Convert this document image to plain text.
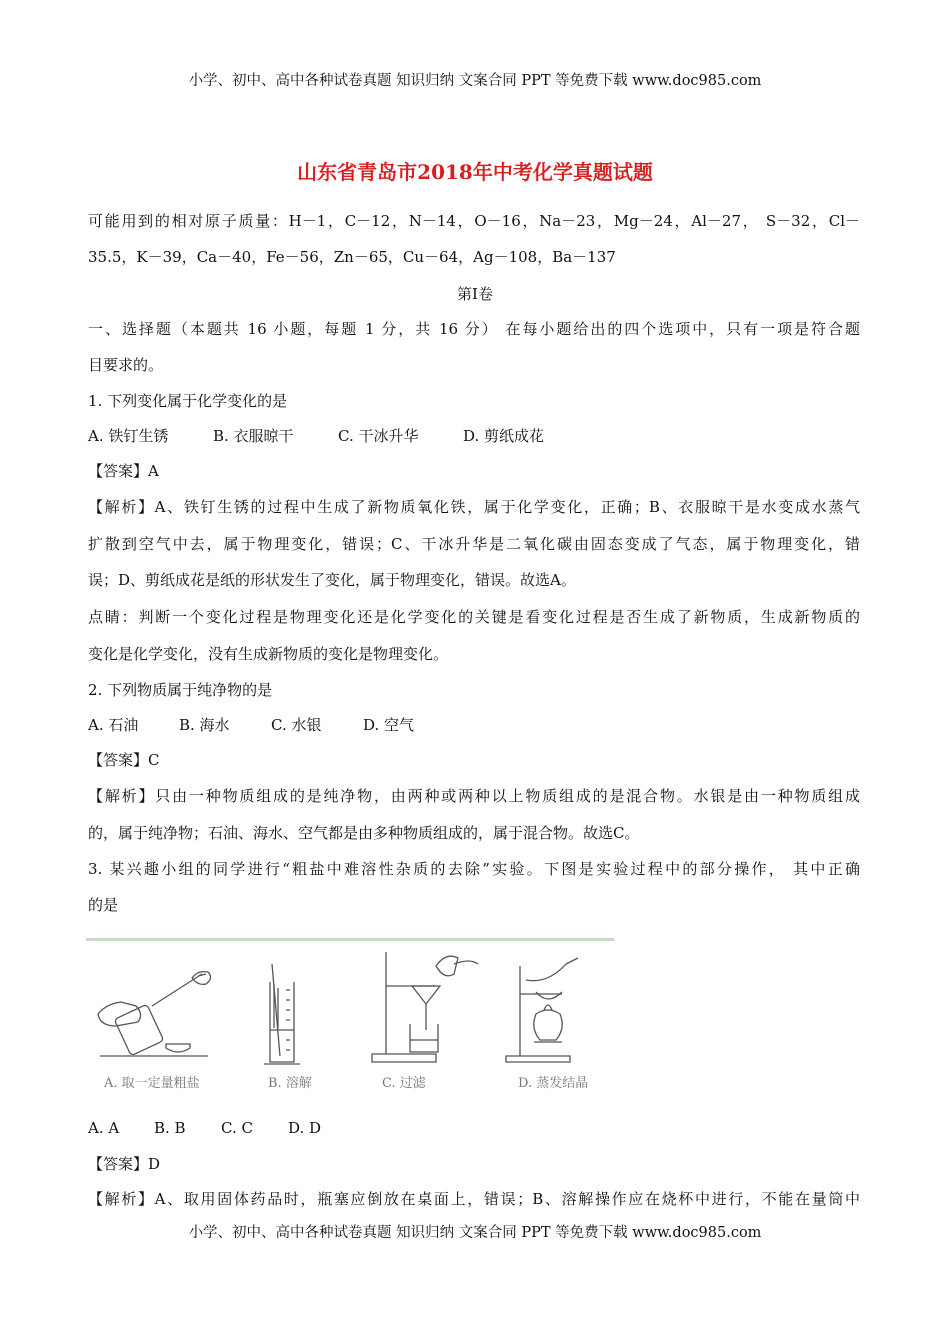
小学、初中、高中各种试卷真题 知识归纳 文案合同 PPT 等免费下载 www.doc985.com
山东省青岛市2018年中考化学真题试题
可能用到的相对原子质量：H－1，C－12，N－14，O－16，Na－23，Mg－24，Al－27， S－32，Cl－
35.5，K－39，Ca－40，Fe－56，Zn－65，Cu－64，Ag－108，Ba－137
第Ⅰ卷
一、选择题（本题共 16 小题，每题 1 分，共 16 分） 在每小题给出的四个选项中，只有一项是符合题
目要求的。
1. 下列变化属于化学变化的是
A. 铁钉生锈	B. 衣服晾干	C. 干冰升华	D. 剪纸成花
【答案】A
【解析】A、铁钉生锈的过程中生成了新物质氧化铁，属于化学变化，正确；B、衣服晾干是水变成水蒸气
扩散到空气中去，属于物理变化，错误；C、干冰升华是二氧化碳由固态变成了气态，属于物理变化，错
误；D、剪纸成花是纸的形状发生了变化，属于物理变化，错误。故选A。
点睛：判断一个变化过程是物理变化还是化学变化的关键是看变化过程是否生成了新物质，生成新物质的
变化是化学变化，没有生成新物质的变化是物理变化。
2. 下列物质属于纯净物的是
A. 石油	B. 海水	C. 水银	D. 空气
【答案】C
【解析】只由一种物质组成的是纯净物，由两种或两种以上物质组成的是混合物。水银是由一种物质组成
的，属于纯净物；石油、海水、空气都是由多种物质组成的，属于混合物。故选C。
3. 某兴趣小组的同学进行“粗盐中难溶性杂质的去除”实验。下图是实验过程中的部分操作， 其中正确
的是
A. 取一定量粗盐	B. 溶解	C. 过滤	D. 蒸发结晶
A. A B. B C. C D. D
【答案】D
【解析】A、取用固体药品时，瓶塞应倒放在桌面上，错误；B、溶解操作应在烧杯中进行，不能在量筒中
小学、初中、高中各种试卷真题 知识归纳 文案合同 PPT 等免费下载 www.doc985.com
